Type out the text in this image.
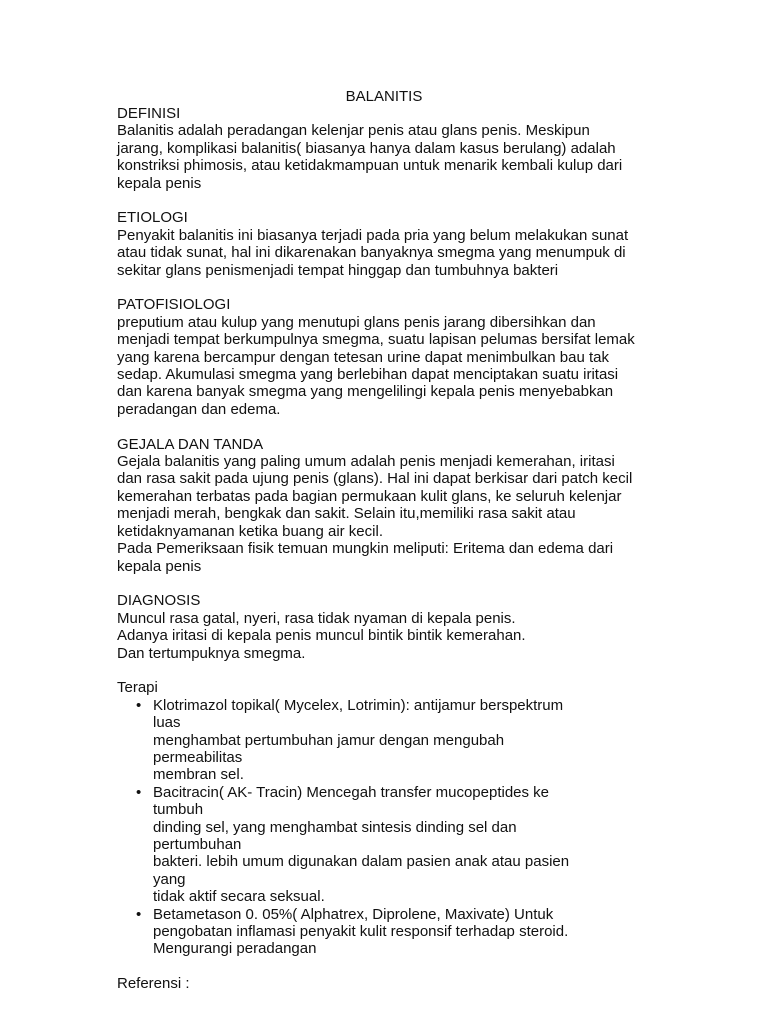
BALANITIS

DEFINISI

Balanitis adalah peradangan kelenjar penis atau glans penis. Meskipun

jarang, komplikasi balanitis( biasanya hanya dalam kasus berulang) adalah

konstriksi phimosis, atau ketidakmampuan untuk menarik kembali kulup dari

kepala penis

ETIOLOGI

Penyakit balanitis ini biasanya terjadi pada pria yang belum melakukan sunat

atau tidak sunat, hal ini dikarenakan banyaknya smegma yang menumpuk di

sekitar glans penismenjadi tempat hinggap dan tumbuhnya bakteri

PATOFISIOLOGI

preputium atau kulup yang menutupi glans penis jarang dibersihkan dan

menjadi tempat berkumpulnya smegma, suatu lapisan pelumas bersifat lemak

yang karena bercampur dengan tetesan urine dapat menimbulkan bau tak

sedap. Akumulasi smegma yang berlebihan dapat menciptakan suatu iritasi

dan karena banyak smegma yang mengelilingi kepala penis menyebabkan

peradangan dan edema.

GEJALA DAN TANDA

Gejala balanitis yang paling umum adalah penis menjadi kemerahan, iritasi

dan rasa sakit pada ujung penis (glans). Hal ini dapat berkisar dari patch kecil

kemerahan terbatas pada bagian permukaan kulit glans, ke seluruh kelenjar

menjadi merah, bengkak dan sakit. Selain itu,memiliki rasa sakit atau

ketidaknyamanan ketika buang air kecil.

Pada Pemeriksaan fisik temuan mungkin meliputi: Eritema dan edema dari

kepala penis

DIAGNOSIS

Muncul rasa gatal, nyeri, rasa tidak nyaman di kepala penis.

Adanya iritasi di kepala penis muncul bintik bintik kemerahan.

Dan tertumpuknya smegma.

Terapi

• Klotrimazol topikal( Mycelex, Lotrimin): antijamur berspektrum luas
menghambat pertumbuhan jamur dengan mengubah permeabilitas
membran sel.
• Bacitracin( AK- Tracin) Mencegah transfer mucopeptides ke tumbuh
dinding sel, yang menghambat sintesis dinding sel dan pertumbuhan
bakteri. lebih umum digunakan dalam pasien anak atau pasien yang
tidak aktif secara seksual.
• Betametason 0. 05%( Alphatrex, Diprolene, Maxivate) Untuk
pengobatan inflamasi penyakit kulit responsif terhadap steroid.
Mengurangi peradangan

Referensi :
